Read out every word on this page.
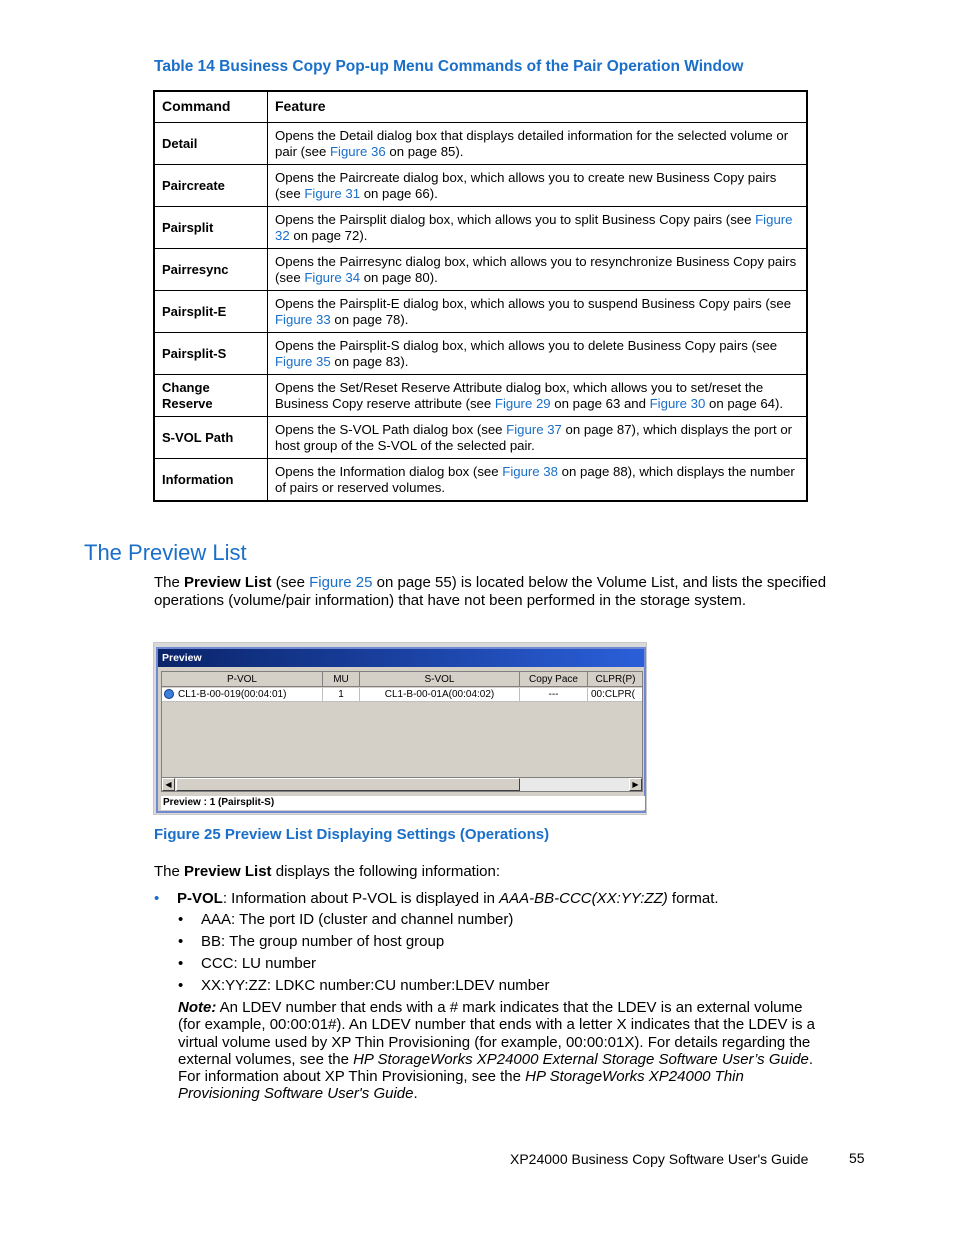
Table 14 Business Copy Pop-up Menu Commands of the Pair Operation Window
Command	Feature
Detail	Opens the Detail dialog box that displays detailed information for the selected volume or pair (see Figure 36 on page 85).
Paircreate	Opens the Paircreate dialog box, which allows you to create new Business Copy pairs (see Figure 31 on page 66).
Pairsplit	Opens the Pairsplit dialog box, which allows you to split Business Copy pairs (see Figure 32 on page 72).
Pairresync	Opens the Pairresync dialog box, which allows you to resynchronize Business Copy pairs (see Figure 34 on page 80).
Pairsplit-E	Opens the Pairsplit-E dialog box, which allows you to suspend Business Copy pairs (see Figure 33 on page 78).
Pairsplit-S	Opens the Pairsplit-S dialog box, which allows you to delete Business Copy pairs (see Figure 35 on page 83).
Change Reserve	Opens the Set/Reset Reserve Attribute dialog box, which allows you to set/reset the Business Copy reserve attribute (see Figure 29 on page 63 and Figure 30 on page 64).
S-VOL Path	Opens the S-VOL Path dialog box (see Figure 37 on page 87), which displays the port or host group of the S-VOL of the selected pair.
Information	Opens the Information dialog box (see Figure 38 on page 88), which displays the number of pairs or reserved volumes.
The Preview List

The Preview List (see Figure 25 on page 55) is located below the Volume List, and lists the specified operations (volume/pair information) that have not been performed in the storage system.

Preview
P-VOL	MU	S-VOL	Copy Pace	CLPR(P)
CL1-B-00-019(00:04:01)	1	CL1-B-00-01A(00:04:02)	---	00:CLPR(
◀	▶
Preview : 1 (Pairsplit-S)
Figure 25 Preview List Displaying Settings (Operations)

The Preview List displays the following information:

• P-VOL: Information about P-VOL is displayed in AAA-BB-CCC(XX:YY:ZZ) format.
• AAA: The port ID (cluster and channel number)
• BB: The group number of host group
• CCC: LU number
• XX:YY:ZZ: LDKC number:CU number:LDEV number

Note: An LDEV number that ends with a # mark indicates that the LDEV is an external volume (for example, 00:00:01#). An LDEV number that ends with a letter X indicates that the LDEV is a virtual volume used by XP Thin Provisioning (for example, 00:00:01X). For details regarding the external volumes, see the HP StorageWorks XP24000 External Storage Software User’s Guide. For information about XP Thin Provisioning, see the HP StorageWorks XP24000 Thin Provisioning Software User's Guide.

XP24000 Business Copy Software User's Guide	55
